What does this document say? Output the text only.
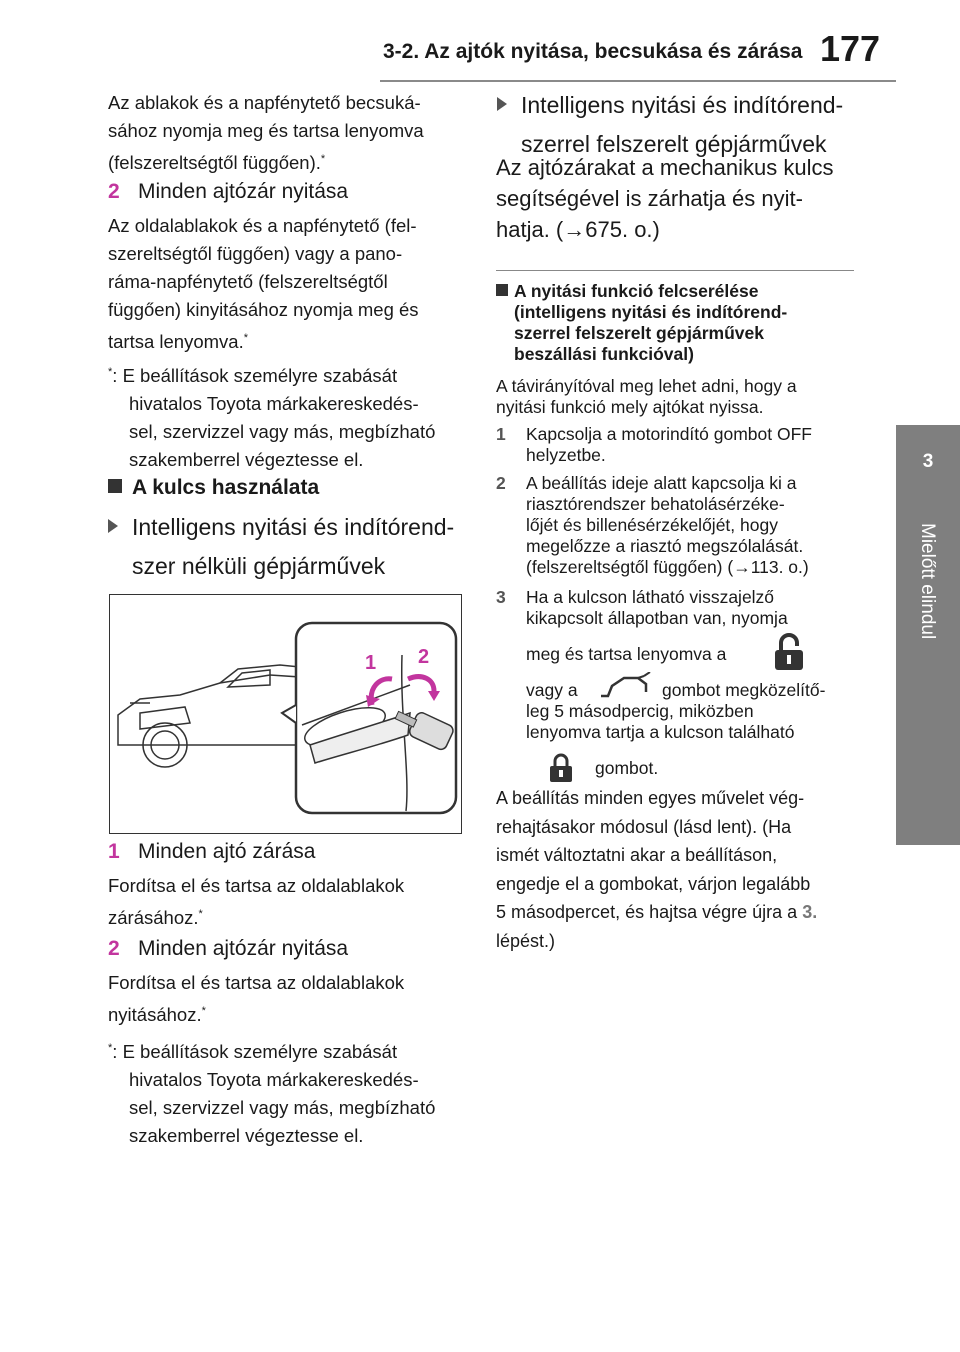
3-2. Az ajtók nyitása, becsukása és zárása 177
3
Mielőtt elindul
Az ablakok és a napfénytető becsuká-
sához nyomja meg és tartsa lenyomva
(felszereltségtől függően).*
2 Minden ajtózár nyitása
Az oldalablakok és a napfénytető (fel-
szereltségtől függően) vagy a pano-
ráma-napfénytető (felszereltségtől
függően) kinyitásához nyomja meg és
tartsa lenyomva.*
*: E beállítások személyre szabását
hivatalos Toyota márkakereskedés-
sel, szervizzel vagy más, megbízható
szakemberrel végeztesse el.
A kulcs használata
Intelligens nyitási és indítórend-
szer nélküli gépjárművek
1 2
1 Minden ajtó zárása
Fordítsa el és tartsa az oldalablakok
zárásához.*
2 Minden ajtózár nyitása
Fordítsa el és tartsa az oldalablakok
nyitásához.*
*: E beállítások személyre szabását
hivatalos Toyota márkakereskedés-
sel, szervizzel vagy más, megbízható
szakemberrel végeztesse el.
Intelligens nyitási és indítórend-
szerrel felszerelt gépjárművek
Az ajtózárakat a mechanikus kulcs
segítségével is zárhatja és nyit-
hatja. (→675. o.)
A nyitási funkció felcserélése
(intelligens nyitási és indítórend-
szerrel felszerelt gépjárművek
beszállási funkcióval)
A távirányítóval meg lehet adni, hogy a
nyitási funkció mely ajtókat nyissa.
1	Kapcsolja a motorindító gombot OFF
helyzetbe.
2	A beállítás ideje alatt kapcsolja ki a
riasztórendszer behatolásérzéke-
lőjét és billenésérzékelőjét, hogy
megelőzze a riasztó megszólalását.
(felszereltségtől függően) (→113. o.)
3	Ha a kulcson látható visszajelző
kikapcsolt állapotban van, nyomja
meg és tartsa lenyomva a
vagy a	gombot megközelítő-
leg 5 másodpercig, miközben
lenyomva tartja a kulcson található
gombot.
A beállítás minden egyes művelet vég-
rehajtásakor módosul (lásd lent). (Ha
ismét változtatni akar a beállításon,
engedje el a gombokat, várjon legalább
5 másodpercet, és hajtsa végre újra a 3.
lépést.)
